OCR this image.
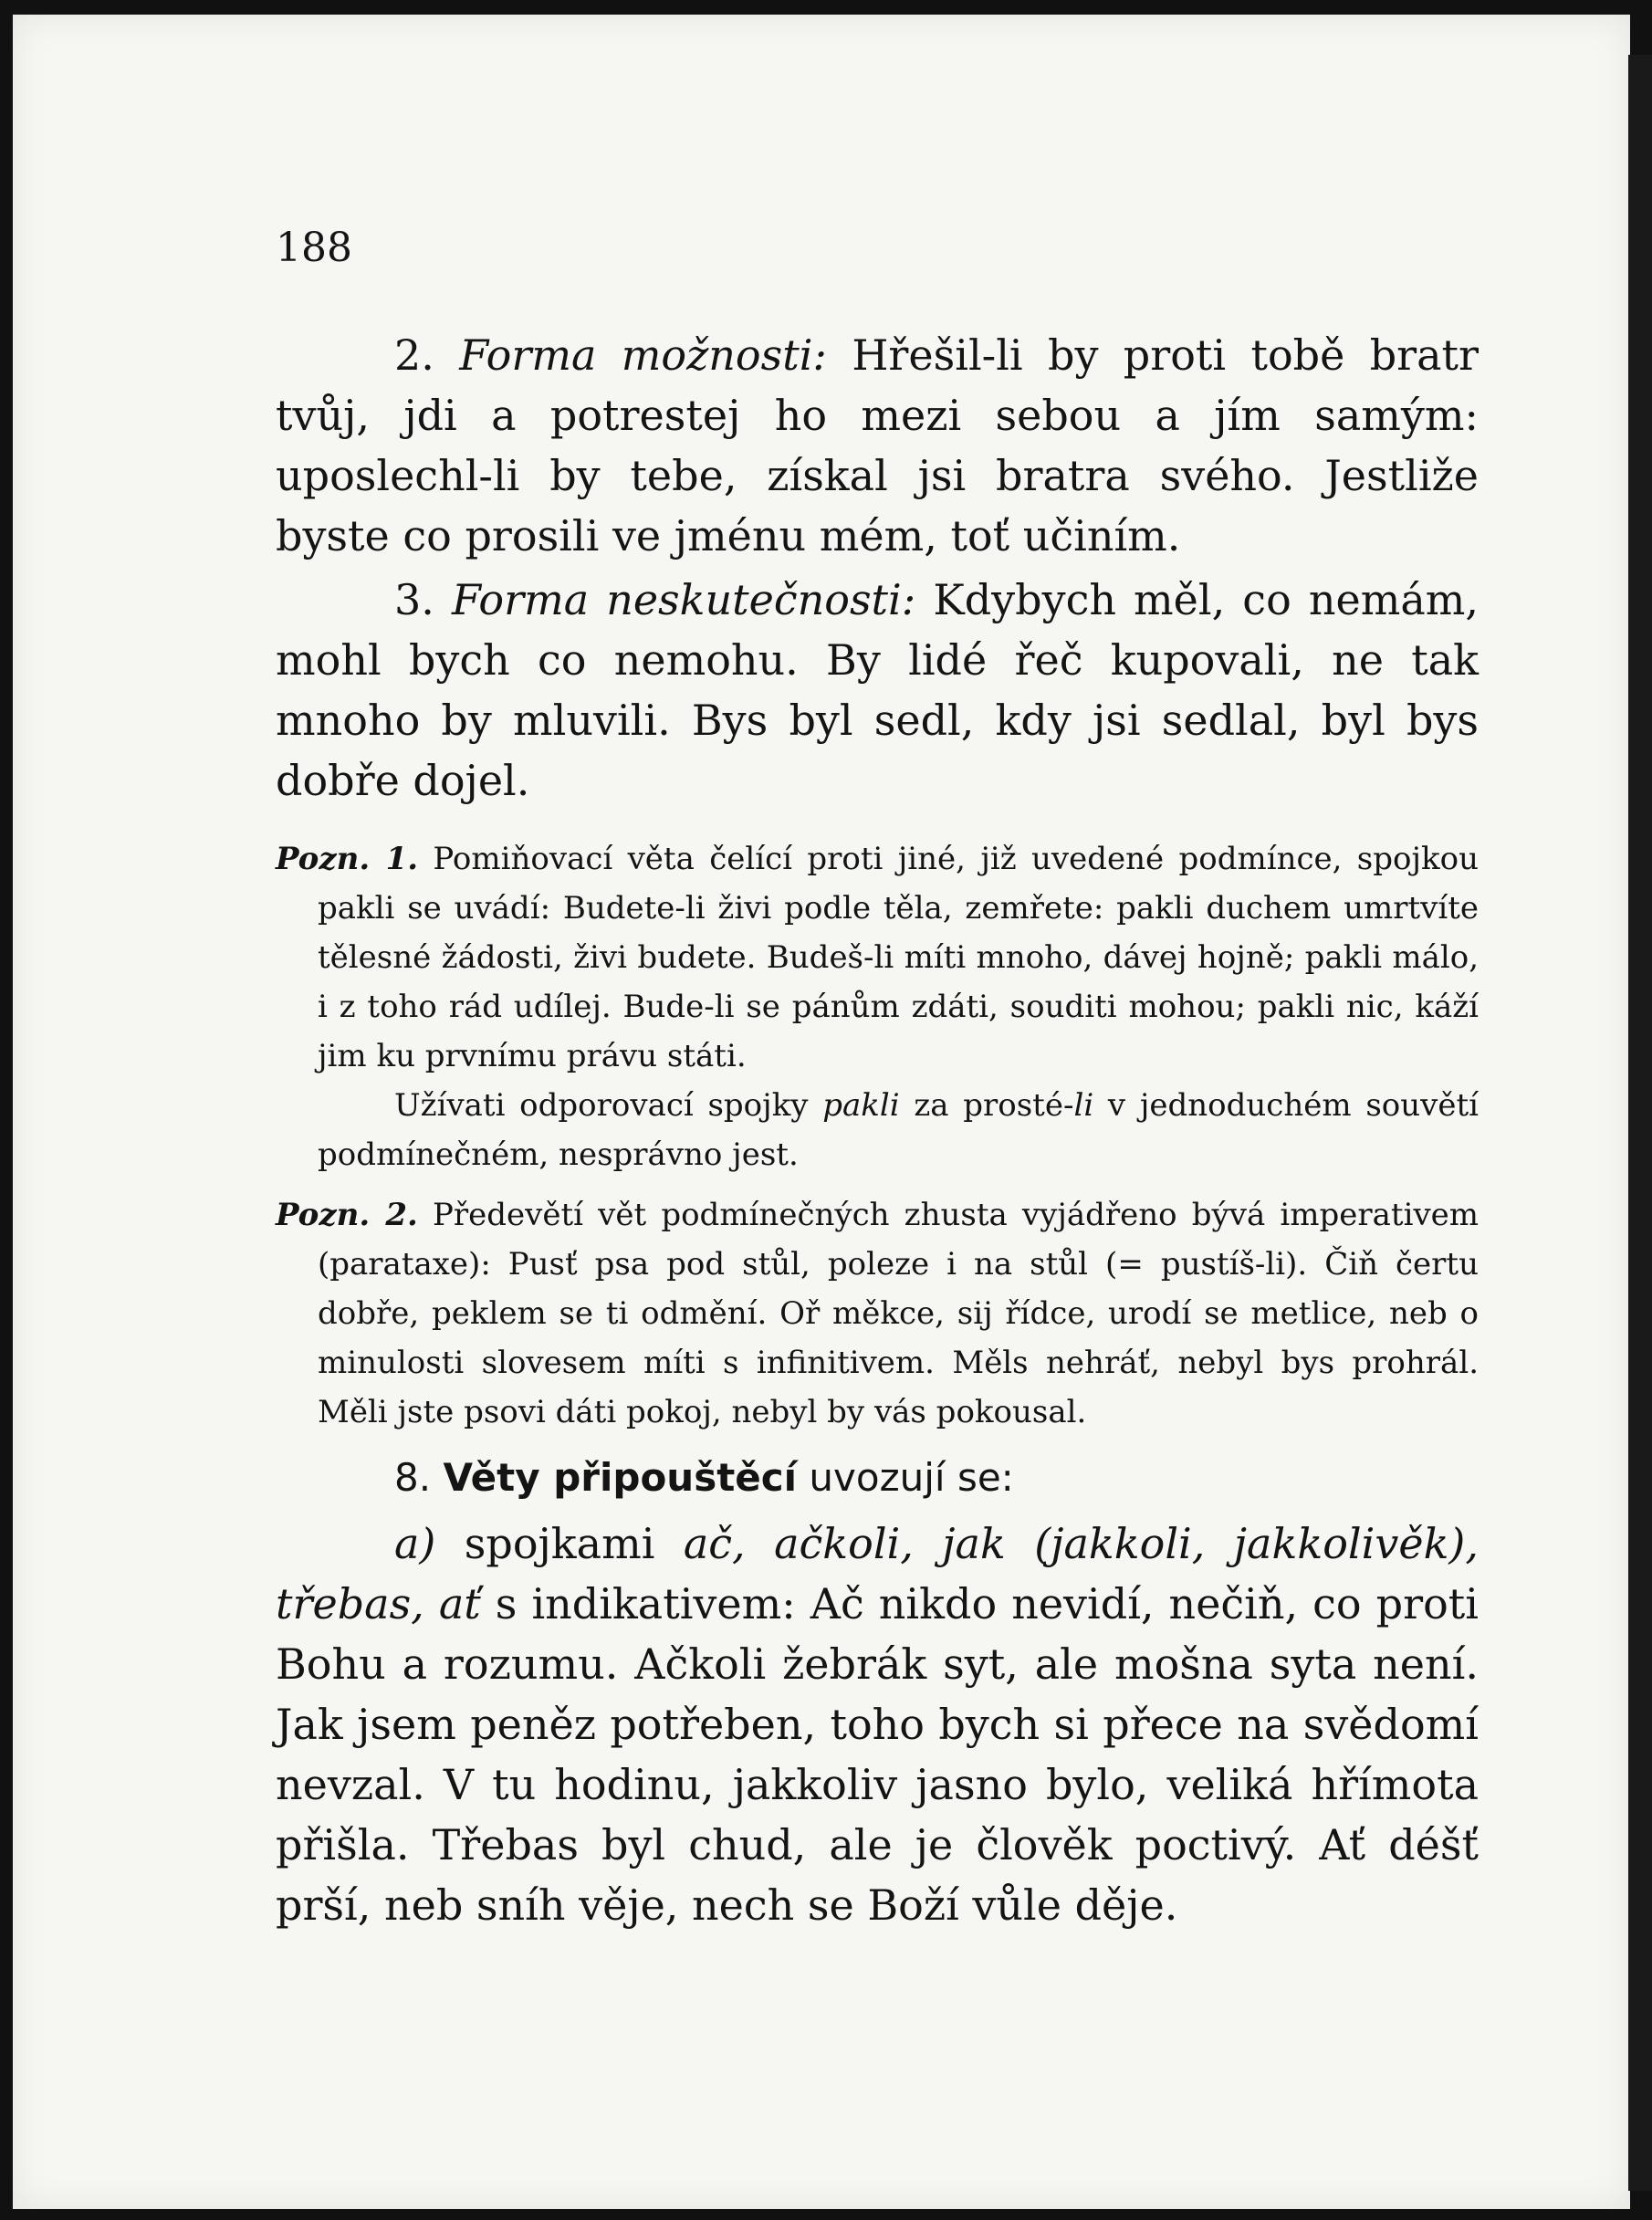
188

2. Forma možnosti: Hřešil-li by proti tobě bratr tvůj, jdi a potrestej ho mezi sebou a jím samým: uposlechl-li by tebe, získal jsi bratra svého. Jestliže byste co prosili ve jménu mém, toť učiním.

3. Forma neskutečnosti: Kdybych měl, co nemám, mohl bych co nemohu. By lidé řeč kupovali, ne tak mnoho by mluvili. Bys byl sedl, kdy jsi sedlal, byl bys dobře dojel.

Pozn. 1. Pomiňovací věta čelící proti jiné, již uvedené podmínce, spojkou pakli se uvádí: Budete-li živi podle těla, zemřete: pakli duchem umrtvíte tělesné žádosti, živi budete. Budeš-li míti mnoho, dávej hojně; pakli málo, i z toho rád udílej. Bude-li se pánům zdáti, souditi mohou; pakli nic, káží jim ku prvnímu právu státi.

Užívati odporovací spojky pakli za prosté-li v jednoduchém souvětí podmínečném, nesprávno jest.

Pozn. 2. Předevětí vět podmínečných zhusta vyjádřeno bývá imperativem (parataxe): Pusť psa pod stůl, poleze i na stůl (= pustíš-li). Čiň čertu dobře, peklem se ti odmění. Oř měkce, sij řídce, urodí se metlice, neb o minulosti slovesem míti s infinitivem. Měls nehráť, nebyl bys prohrál. Měli jste psovi dáti pokoj, nebyl by vás pokousal.

8. Věty připouštěcí uvozují se:

a) spojkami ač, ačkoli, jak (jakkoli, jakkolivěk), třebas, ať s indikativem: Ač nikdo nevidí, nečiň, co proti Bohu a rozumu. Ačkoli žebrák syt, ale mošna syta není. Jak jsem peněz potřeben, toho bych si přece na svědomí nevzal. V tu hodinu, jakkoliv jasno bylo, veliká hřímota přišla. Třebas byl chud, ale je člověk poctivý. Ať déšť prší, neb sníh věje, nech se Boží vůle děje.
